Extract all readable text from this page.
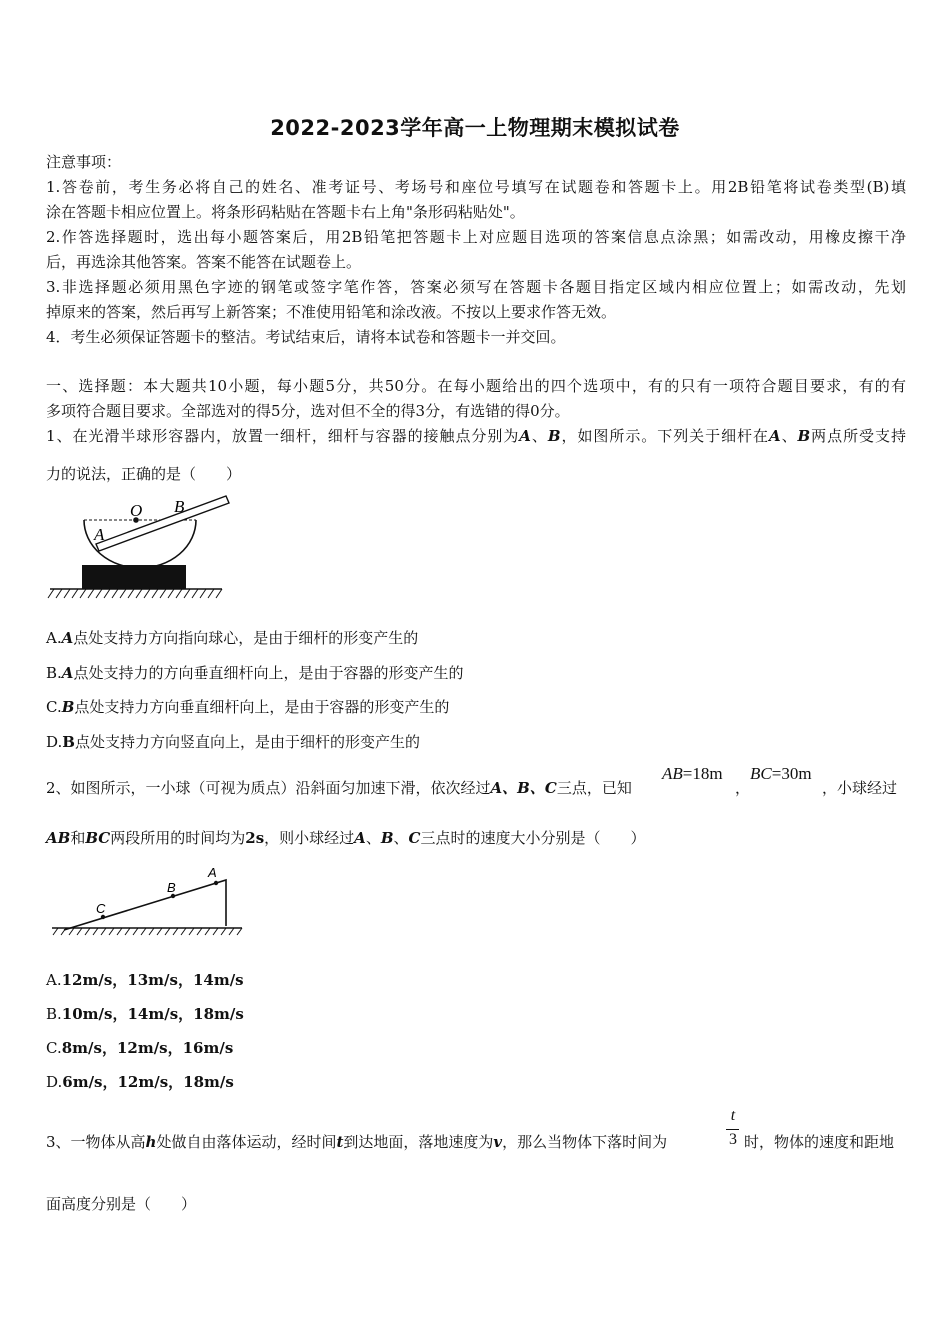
2022-2023学年高一上物理期末模拟试卷
注意事项：
1.答卷前，考生务必将自己的姓名、准考证号、考场号和座位号填写在试题卷和答题卡上。用2B铅笔将试卷类型(B)填
涂在答题卡相应位置上。将条形码粘贴在答题卡右上角"条形码粘贴处"。
2.作答选择题时，选出每小题答案后，用2B铅笔把答题卡上对应题目选项的答案信息点涂黑；如需改动，用橡皮擦干净
后，再选涂其他答案。答案不能答在试题卷上。
3.非选择题必须用黑色字迹的钢笔或签字笔作答，答案必须写在答题卡各题目指定区域内相应位置上；如需改动，先划
掉原来的答案，然后再写上新答案；不准使用铅笔和涂改液。不按以上要求作答无效。
4．考生必须保证答题卡的整洁。考试结束后，请将本试卷和答题卡一并交回。
一、选择题：本大题共10小题，每小题5分，共50分。在每小题给出的四个选项中，有的只有一项符合题目要求，有的有
多项符合题目要求。全部选对的得5分，选对但不全的得3分，有选错的得0分。
1、在光滑半球形容器内，放置一细杆，细杆与容器的接触点分别为A、B，如图所示。下列关于细杆在A、B两点所受支持
力的说法，正确的是（　　）
O
A
B
A.A点处支持力方向指向球心，是由于细杆的形变产生的
B.A点处支持力的方向垂直细杆向上，是由于容器的形变产生的
C.B点处支持力方向垂直细杆向上，是由于容器的形变产生的
D.B点处支持力方向竖直向上，是由于细杆的形变产生的
2、如图所示，一小球（可视为质点）沿斜面匀加速下滑，依次经过A、B、C三点，已知
AB=18m
，
BC=30m
，小球经过
AB和BC两段所用的时间均为2s，则小球经过A、B、C三点时的速度大小分别是（　　）
A
B
C
A.12m/s，13m/s，14m/s
B.10m/s，14m/s，18m/s
C.8m/s，12m/s，16m/s
D.6m/s，12m/s，18m/s
3、一物体从高h处做自由落体运动，经时间t到达地面，落地速度为v，那么当物体下落时间为
t
3 时，物体的速度和距地
面高度分别是（　　）
